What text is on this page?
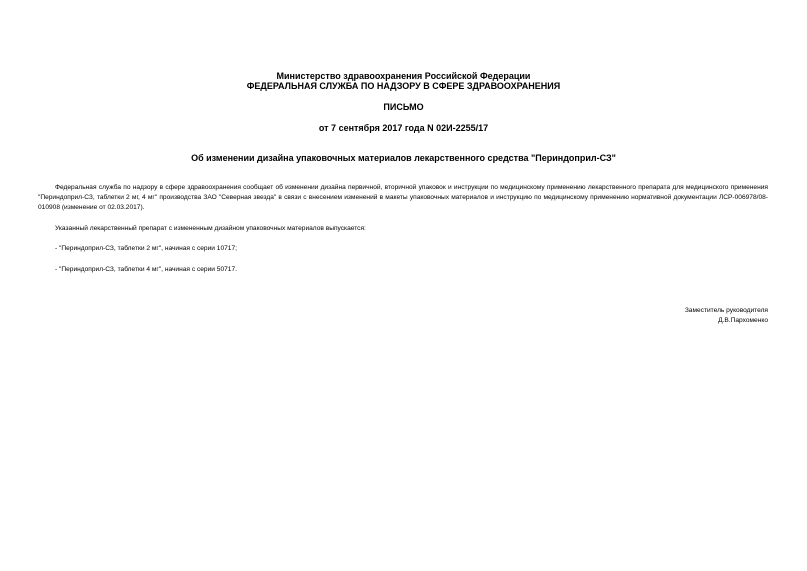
Министерство здравоохранения Российской Федерации
ФЕДЕРАЛЬНАЯ СЛУЖБА ПО НАДЗОРУ В СФЕРЕ ЗДРАВООХРАНЕНИЯ
ПИСЬМО
от 7 сентября 2017 года N 02И-2255/17
Об изменении дизайна упаковочных материалов лекарственного средства "Периндоприл-СЗ"
Федеральная служба по надзору в сфере здравоохранения сообщает об изменении дизайна первичной, вторичной упаковок и инструкции по медицинскому применению лекарственного препарата для медицинского применения "Периндоприл-СЗ, таблетки 2 мг, 4 мг" производства ЗАО "Северная звезда" в связи с внесением изменений в макеты упаковочных материалов и инструкцию по медицинскому применению нормативной документации ЛСР-006978/08-010908 (изменение от 02.03.2017).
Указанный лекарственный препарат с измененным дизайном упаковочных материалов выпускается:
- "Периндоприл-СЗ, таблетки 2 мг", начиная с серии 10717;
- "Периндоприл-СЗ, таблетки 4 мг", начиная с серии 50717.
Заместитель руководителя
Д.В.Пархоменко
